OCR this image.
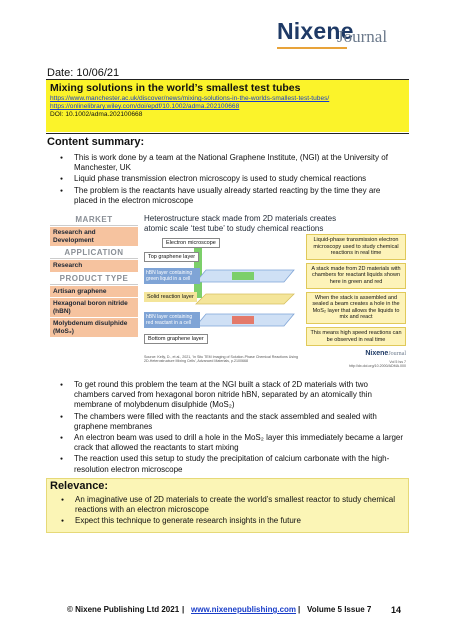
Nixene
Journal
Date: 10/06/21
Mixing solutions in the world’s smallest test tubes
https://www.manchester.ac.uk/discover/news/mixing-solutions-in-the-worlds-smallest-test-tubes/
https://onlinelibrary.wiley.com/doi/epdf/10.1002/adma.202100668
DOI: 10.1002/adma.202100668
Content summary:
● This is work done by a team at the National Graphene Institute, (NGI) at the University of Manchester, UK
● Liquid phase transmission electron microscopy is used to study chemical reactions
● The problem is the reactants have usually already started reacting by the time they are placed in the electron microscope
MARKET
Research and Development
APPLICATION
Research
PRODUCT TYPE
Artisan graphene
Hexagonal boron nitride (hBN)
Molybdenum disulphide (MoS₂)
Heterostructure stack made from 2D materials creates atomic scale ‘test tube’ to study chemical reactions
Electron microscope
Top graphene layer
hBN layer containing green liquid in a cell
Solid reaction layer
hBN layer containing red reactant in a cell
Bottom graphene layer
Source: Kelly, D., et al., 2021, 'In Situ TEM Imaging of Solution-Phase Chemical Reactions Using 2D-Heterostructure Mixing Cells', Advanced Materials, p.2100668
Liquid-phase transmission electron microscopy used to study chemical reactions in real time
A stack made from 2D materials with chambers for reactant liquids shown here in green and red
When the stack is assembled and sealed a beam creates a hole in the MoS₂ layer that allows the liquids to mix and react
This means high speed reactions can be observed in real time
NixeneJournal
Vol 5 Iss 7
http://dx.doi.org/10.2000/ADMA.000
● To get round this problem the team at the NGI built a stack of 2D materials with two chambers carved from hexagonal boron nitride hBN, separated by an atomically thin membrane of molybdenum disulphide (MoS₂)
● The chambers were filled with the reactants and the stack assembled and sealed with graphene membranes
● An electron beam was used to drill a hole in the MoS₂ layer this immediately became a larger crack that allowed the reactants to start mixing
● The reaction used this setup to study the precipitation of calcium carbonate with the high-resolution electron microscope
Relevance:
● An imaginative use of 2D materials to create the world’s smallest reactor to study chemical reactions with an electron microscope
● Expect this technique to generate research insights in the future
© Nixene Publishing Ltd 2021 | www.nixenepublishing.com | Volume 5 Issue 7 14
